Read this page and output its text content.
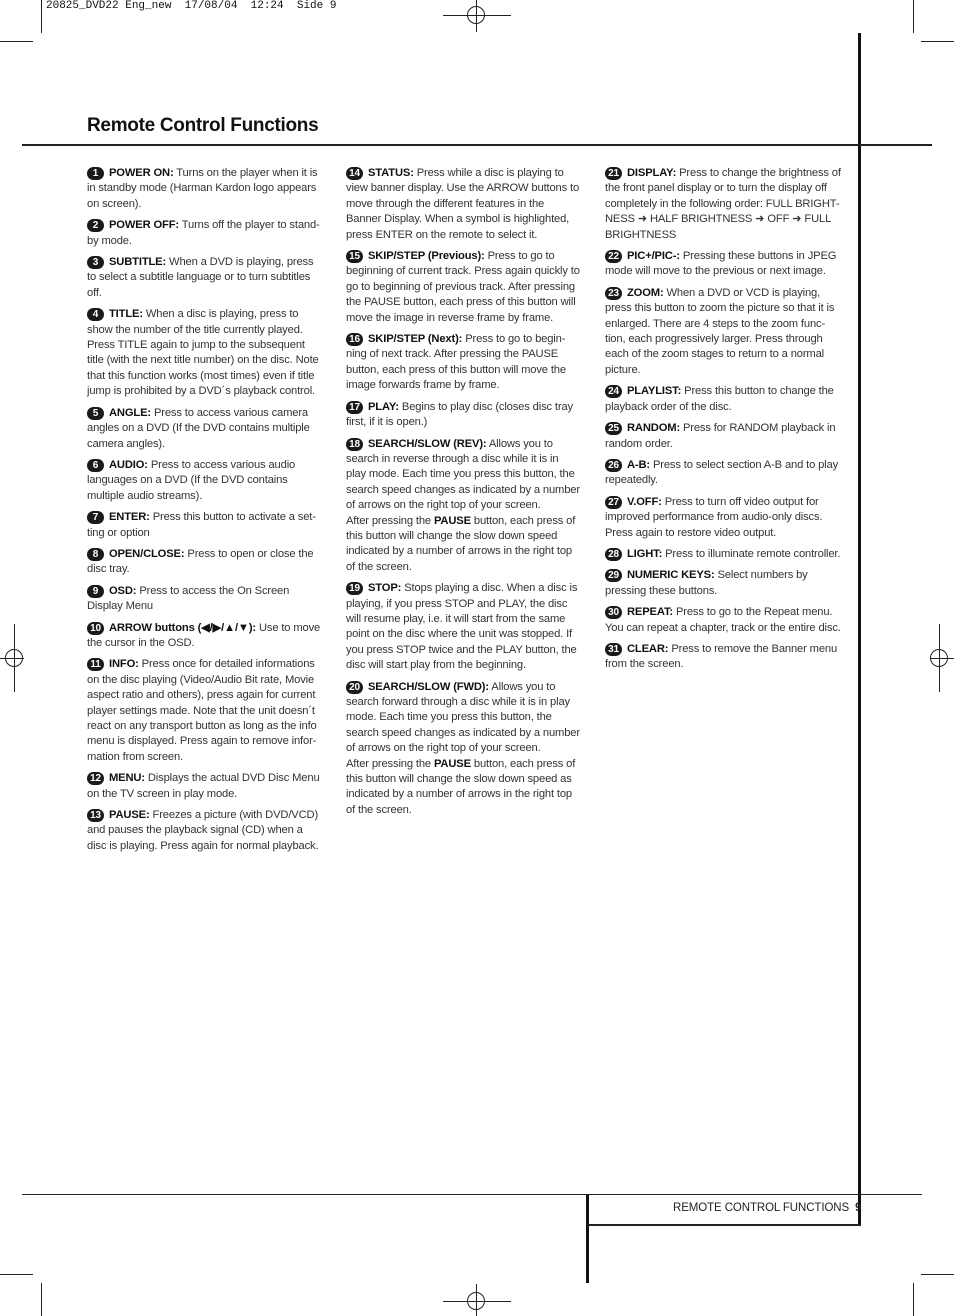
20825_DVD22 Eng_new  17/08/04  12:24  Side 9
Remote Control Functions
1 POWER ON: Turns on the player when it is in standby mode (Harman Kardon logo appears on screen).
2 POWER OFF: Turns off the player to stand-by mode.
3 SUBTITLE: When a DVD is playing, press to select a subtitle language or to turn subtitles off.
4 TITLE: When a disc is playing, press to show the number of the title currently played. Press TITLE again to jump to the subsequent title (with the next title number) on the disc. Note that this function works (most times) even if title jump is prohibited by a DVD´s playback control.
5 ANGLE: Press to access various camera angles on a DVD (If the DVD contains multiple camera angles).
6 AUDIO: Press to access various audio languages on a DVD (If the DVD contains multiple audio streams).
7 ENTER: Press this button to activate a set-ting or option
8 OPEN/CLOSE: Press to open or close the disc tray.
9 OSD: Press to access the On Screen Display Menu
10 ARROW buttons (◀/▶/▲/▼): Use to move the cursor in the OSD.
11 INFO: Press once for detailed informations on the disc playing (Video/Audio Bit rate, Movie aspect ratio and others), press again for current player settings made. Note that the unit doesn´t react on any transport button as long as the info menu is displayed. Press again to remove infor-mation from screen.
12 MENU: Displays the actual DVD Disc Menu on the TV screen in play mode.
13 PAUSE: Freezes a picture (with DVD/VCD) and pauses the playback signal (CD) when a disc is playing. Press again for normal playback.
14 STATUS: Press while a disc is playing to view banner display. Use the ARROW buttons to move through the different features in the Banner Display. When a symbol is highlighted, press ENTER on the remote to select it.
15 SKIP/STEP (Previous): Press to go to beginning of current track. Press again quickly to go to beginning of previous track. After pressing the PAUSE button, each press of this button will move the image in reverse frame by frame.
16 SKIP/STEP (Next): Press to go to begin-ning of next track. After pressing the PAUSE button, each press of this button will move the image forwards frame by frame.
17 PLAY: Begins to play disc (closes disc tray first, if it is open.)
18 SEARCH/SLOW (REV): Allows you to search in reverse through a disc while it is in play mode. Each time you press this button, the search speed changes as indicated by a number of arrows on the right top of your screen.
After pressing the PAUSE button, each press of this button will change the slow down speed indicated by a number of arrows in the right top of the screen.
19 STOP: Stops playing a disc. When a disc is playing, if you press STOP and PLAY, the disc will resume play, i.e. it will start from the same point on the disc where the unit was stopped. If you press STOP twice and the PLAY button, the disc will start play from the beginning.
20 SEARCH/SLOW (FWD): Allows you to search forward through a disc while it is in play mode. Each time you press this button, the search speed changes as indicated by a number of arrows on the right top of your screen.
After pressing the PAUSE button, each press of this button will change the slow down speed as indicated by a number of arrows in the right top of the screen.
21 DISPLAY: Press to change the brightness of the front panel display or to turn the display off completely in the following order: FULL BRIGHT-NESS ➜ HALF BRIGHTNESS ➜ OFF ➜ FULL BRIGHTNESS
22 PIC+/PIC-: Pressing these buttons in JPEG mode will move to the previous or next image.
23 ZOOM: When a DVD or VCD is playing, press this button to zoom the picture so that it is enlarged. There are 4 steps to the zoom func-tion, each progressively larger. Press through each of the zoom stages to return to a normal picture.
24 PLAYLIST: Press this button to change the playback order of the disc.
25 RANDOM: Press for RANDOM playback in random order.
26 A-B: Press to select section A-B and to play repeatedly.
27 V.OFF: Press to turn off video output for improved performance from audio-only discs. Press again to restore video output.
28 LIGHT: Press to illuminate remote controller.
29 NUMERIC KEYS: Select numbers by pressing these buttons.
30 REPEAT: Press to go to the Repeat menu. You can repeat a chapter, track or the entire disc.
31 CLEAR: Press to remove the Banner menu from the screen.
REMOTE CONTROL FUNCTIONS 9
